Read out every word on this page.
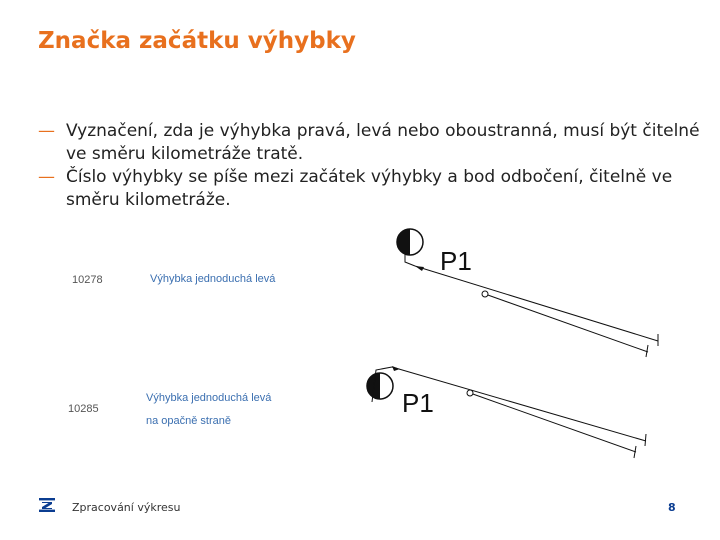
Značka začátku výhybky
— Vyznačení, zda je výhybka pravá, levá nebo oboustranná, musí být čitelné ve směru kilometráže tratě.
— Číslo výhybky se píše mezi začátek výhybky a bod odbočení, čitelně ve směru kilometráže.
10278	Výhybka jednoduchá levá
10285
Výhybka jednoduchá levá
na opačně straně
P1
P1
Zpracování výkresu	8
